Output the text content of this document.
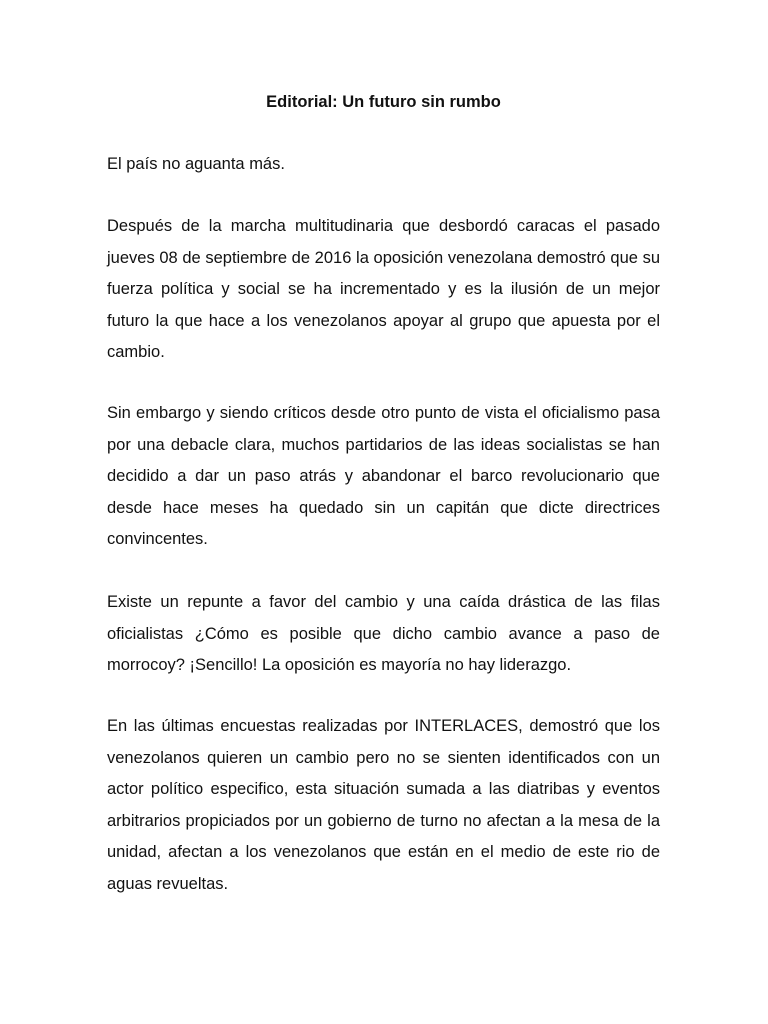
Editorial: Un futuro sin rumbo

El país no aguanta más.

Después de la marcha multitudinaria que desbordó caracas el pasado jueves 08 de septiembre de 2016 la oposición venezolana demostró que su fuerza política y social se ha incrementado y es la ilusión de un mejor futuro la que hace a los venezolanos apoyar al grupo que apuesta por el cambio.

Sin embargo y siendo críticos desde otro punto de vista el oficialismo pasa por una debacle clara, muchos partidarios de las ideas socialistas se han decidido a dar un paso atrás y abandonar el barco revolucionario que desde hace meses ha quedado sin un capitán que dicte directrices convincentes.

Existe un repunte a favor del cambio y una caída drástica de las filas oficialistas ¿Cómo es posible que dicho cambio avance a paso de morrocoy? ¡Sencillo! La oposición es mayoría no hay liderazgo.

En las últimas encuestas realizadas por INTERLACES, demostró que los venezolanos quieren un cambio pero no se sienten identificados con un actor político especifico, esta situación sumada a las diatribas y eventos arbitrarios propiciados por un gobierno de turno no afectan a la mesa de la unidad, afectan a los venezolanos que están en el medio de este rio de aguas revueltas.
